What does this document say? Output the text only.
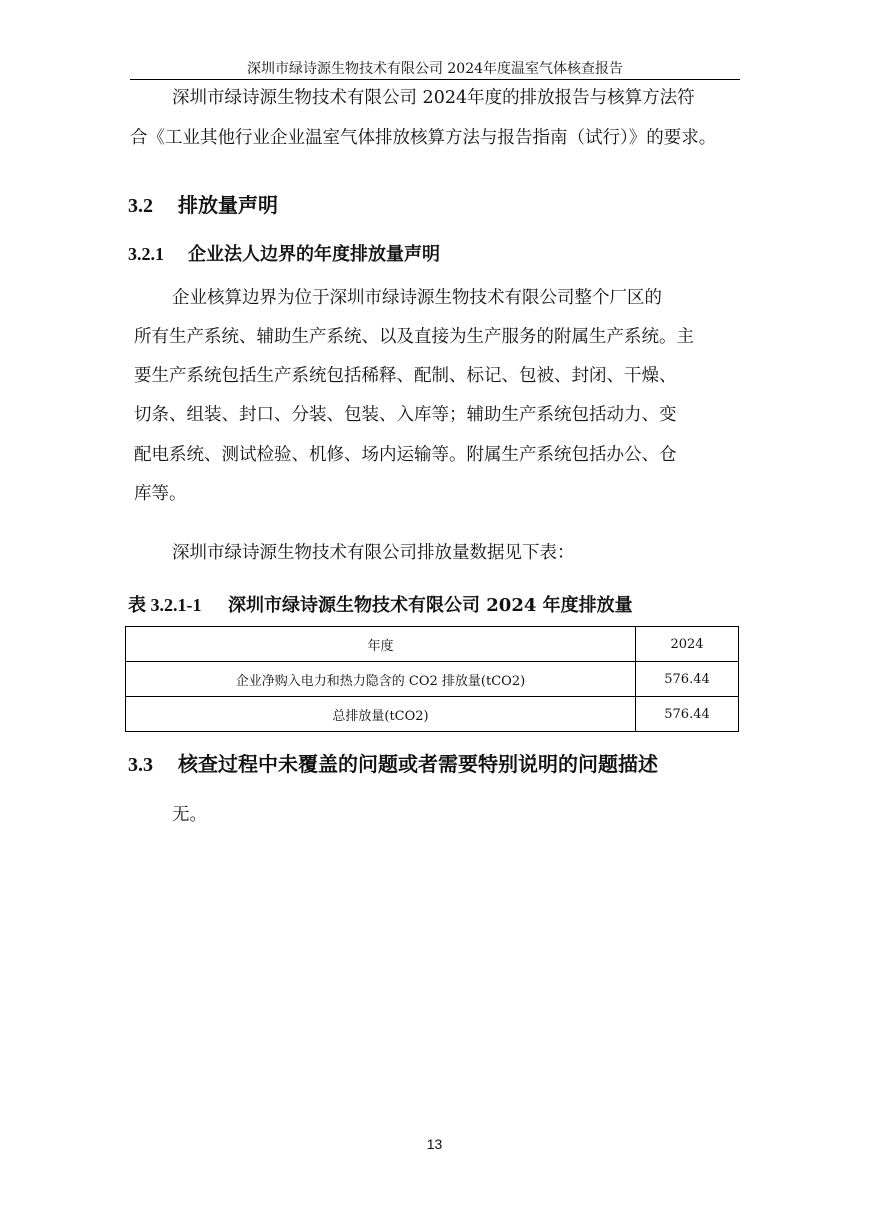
深圳市绿诗源生物技术有限公司 2024年度温室气体核查报告

深圳市绿诗源生物技术有限公司 2024年度的排放报告与核算方法符

合《工业其他行业企业温室气体排放核算方法与报告指南（试行）》的要求。

3.2 排放量声明
3.2.1 企业法人边界的年度排放量声明

企业核算边界为位于深圳市绿诗源生物技术有限公司整个厂区的

所有生产系统、辅助生产系统、以及直接为生产服务的附属生产系统。主

要生产系统包括生产系统包括稀释、配制、标记、包被、封闭、干燥、

切条、组装、封口、分装、包装、入库等；辅助生产系统包括动力、变

配电系统、测试检验、机修、场内运输等。附属生产系统包括办公、仓

库等。

深圳市绿诗源生物技术有限公司排放量数据见下表：

表 3.2.1-1 深圳市绿诗源生物技术有限公司 2024 年度排放量
年度	2024
企业净购入电力和热力隐含的 CO2 排放量(tCO2)	576.44
总排放量(tCO2)	576.44
3.3 核查过程中未覆盖的问题或者需要特别说明的问题描述

无。

13
